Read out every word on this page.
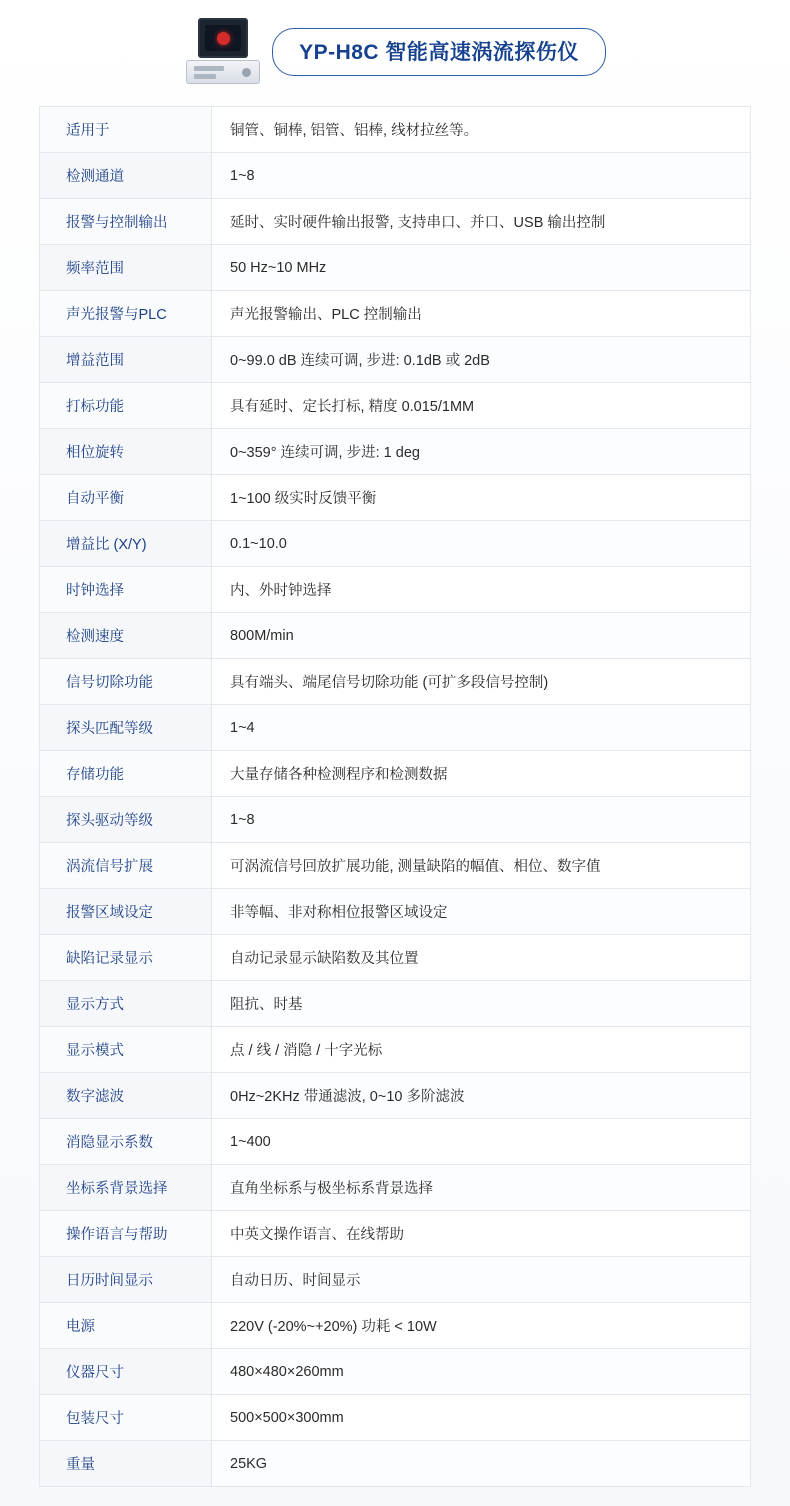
YP-H8C 智能高速涡流探伤仪
适用于	铜管、铜棒, 铝管、铝棒, 线材拉丝等。
检测通道	1~8
报警与控制输出	延时、实时硬件输出报警, 支持串口、并口、USB 输出控制
频率范围	50 Hz~10 MHz
声光报警与PLC	声光报警输出、PLC 控制输出
增益范围	0~99.0 dB 连续可调, 步进: 0.1dB 或 2dB
打标功能	具有延时、定长打标, 精度 0.015/1MM
相位旋转	0~359° 连续可调, 步进: 1 deg
自动平衡	1~100 级实时反馈平衡
增益比 (X/Y)	0.1~10.0
时钟选择	内、外时钟选择
检测速度	800M/min
信号切除功能	具有端头、端尾信号切除功能 (可扩多段信号控制)
探头匹配等级	1~4
存储功能	大量存储各种检测程序和检测数据
探头驱动等级	1~8
涡流信号扩展	可涡流信号回放扩展功能, 测量缺陷的幅值、相位、数字值
报警区域设定	非等幅、非对称相位报警区域设定
缺陷记录显示	自动记录显示缺陷数及其位置
显示方式	阻抗、时基
显示模式	点 / 线 / 消隐 / 十字光标
数字滤波	0Hz~2KHz 带通滤波, 0~10 多阶滤波
消隐显示系数	1~400
坐标系背景选择	直角坐标系与极坐标系背景选择
操作语言与帮助	中英文操作语言、在线帮助
日历时间显示	自动日历、时间显示
电源	220V (-20%~+20%) 功耗 < 10W
仪器尺寸	480×480×260mm
包装尺寸	500×500×300mm
重量	25KG
